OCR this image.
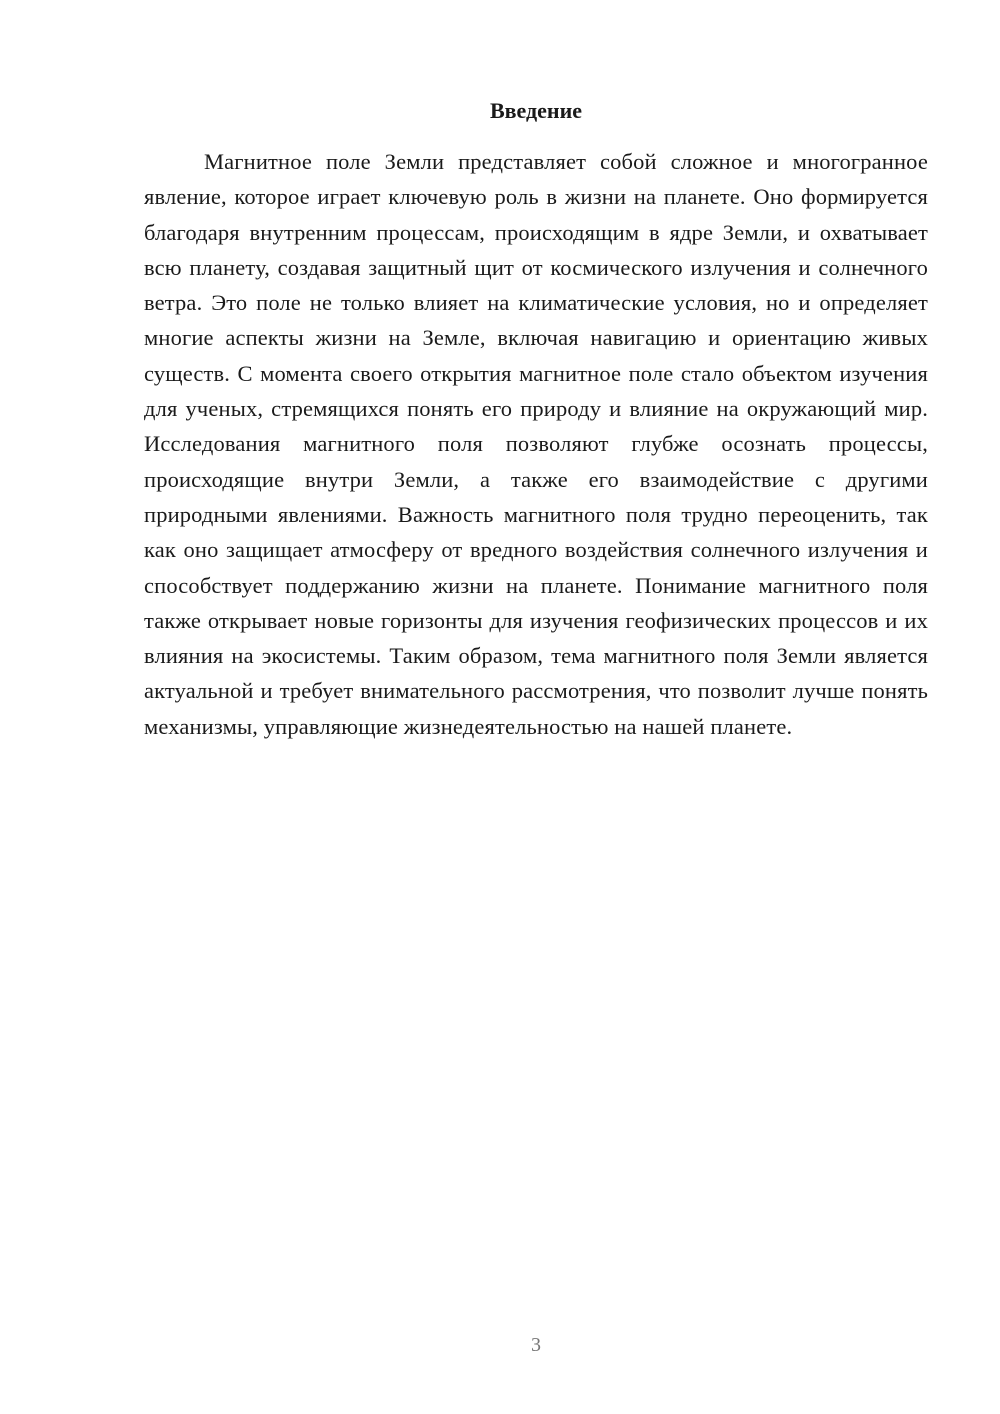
Введение

Магнитное поле Земли представляет собой сложное и многогранное явление, которое играет ключевую роль в жизни на планете. Оно формируется благодаря внутренним процессам, происходящим в ядре Земли, и охватывает всю планету, создавая защитный щит от космического излучения и солнечного ветра. Это поле не только влияет на климатические условия, но и определяет многие аспекты жизни на Земле, включая навигацию и ориентацию живых существ. С момента своего открытия магнитное поле стало объектом изучения для ученых, стремящихся понять его природу и влияние на окружающий мир. Исследования магнитного поля позволяют глубже осознать процессы, происходящие внутри Земли, а также его взаимодействие с другими природными явлениями. Важность магнитного поля трудно переоценить, так как оно защищает атмосферу от вредного воздействия солнечного излучения и способствует поддержанию жизни на планете. Понимание магнитного поля также открывает новые горизонты для изучения геофизических процессов и их влияния на экосистемы. Таким образом, тема магнитного поля Земли является актуальной и требует внимательного рассмотрения, что позволит лучше понять механизмы, управляющие жизнедеятельностью на нашей планете.

3
